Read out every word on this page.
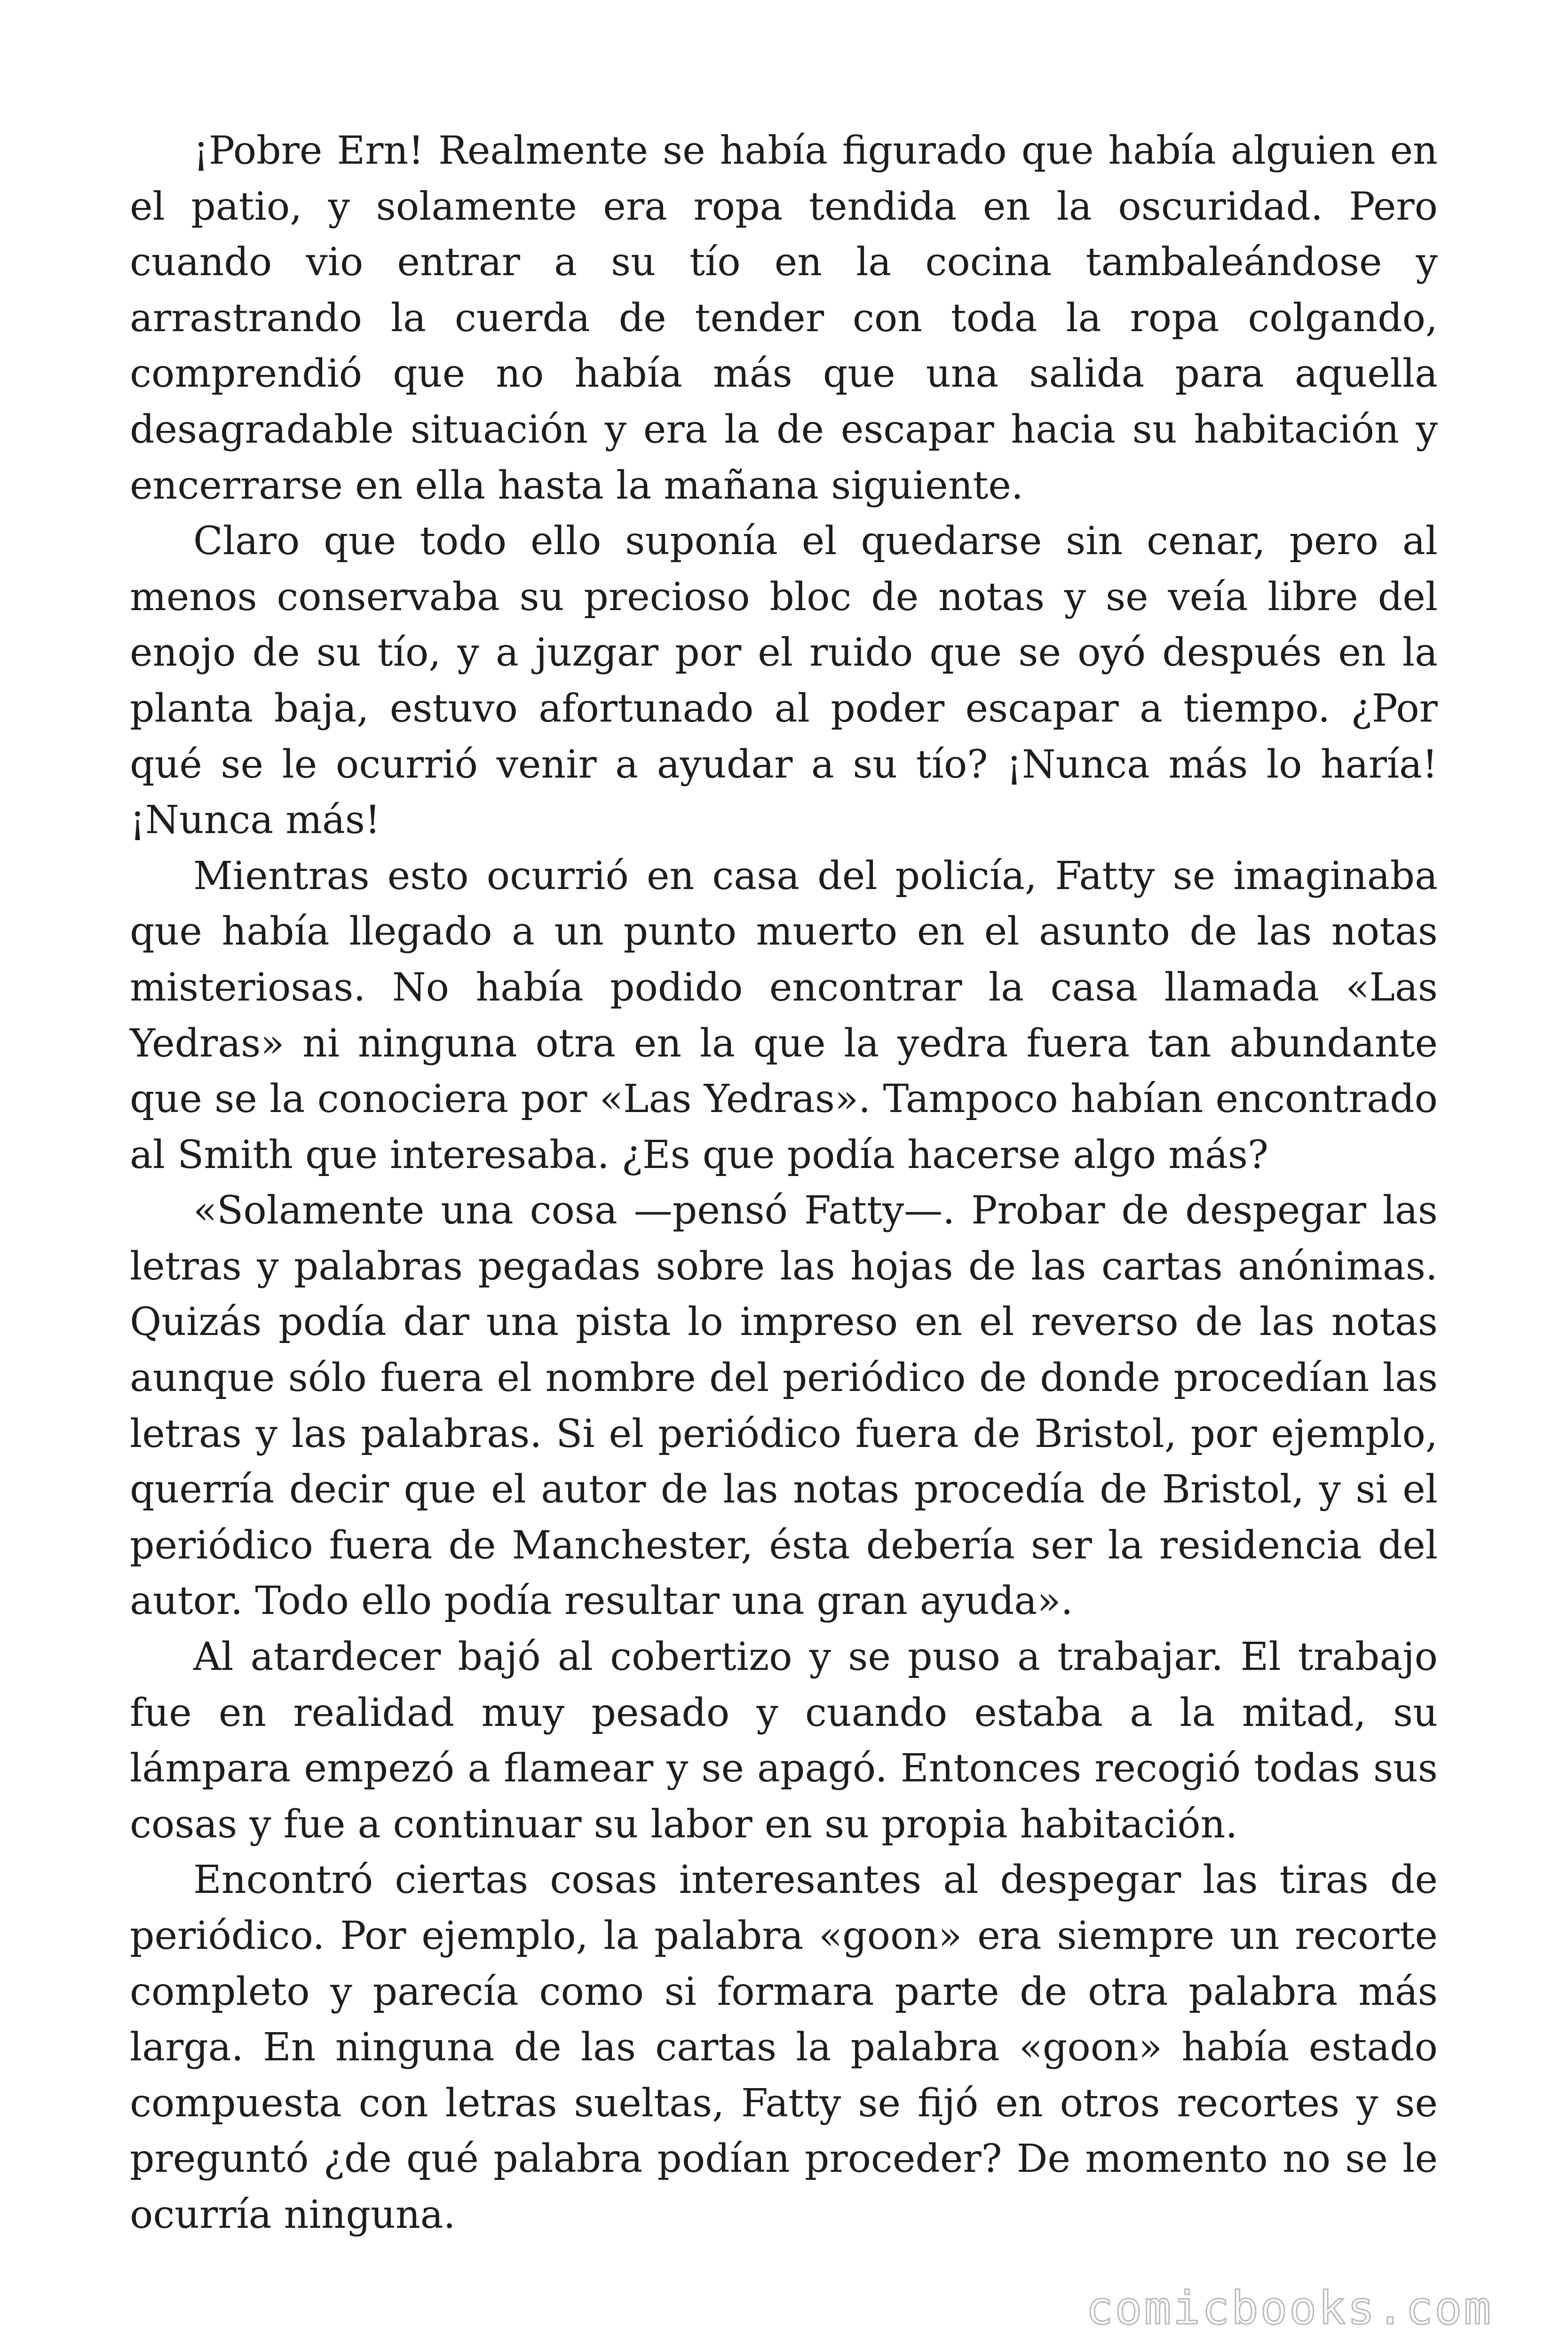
¡Pobre Ern! Realmente se había figurado que había alguien en el patio, y solamente era ropa tendida en la oscuridad. Pero cuando vio entrar a su tío en la cocina tambaleándose y arrastrando la cuerda de tender con toda la ropa colgando, comprendió que no había más que una salida para aquella desagradable situación y era la de escapar hacia su habitación y encerrarse en ella hasta la mañana siguiente.

Claro que todo ello suponía el quedarse sin cenar, pero al menos conservaba su precioso bloc de notas y se veía libre del enojo de su tío, y a juzgar por el ruido que se oyó después en la planta baja, estuvo afortunado al poder escapar a tiempo. ¿Por qué se le ocurrió venir a ayudar a su tío? ¡Nunca más lo haría! ¡Nunca más!

Mientras esto ocurrió en casa del policía, Fatty se imaginaba que había llegado a un punto muerto en el asunto de las notas misteriosas. No había podido encontrar la casa llamada «Las Yedras» ni ninguna otra en la que la yedra fuera tan abundante que se la conociera por «Las Yedras». Tampoco habían encontrado al Smith que interesaba. ¿Es que podía hacerse algo más?

«Solamente una cosa —pensó Fatty—. Probar de despegar las letras y palabras pegadas sobre las hojas de las cartas anónimas. Quizás podía dar una pista lo impreso en el reverso de las notas aunque sólo fuera el nombre del periódico de donde procedían las letras y las palabras. Si el periódico fuera de Bristol, por ejemplo, querría decir que el autor de las notas procedía de Bristol, y si el periódico fuera de Manchester, ésta debería ser la residencia del autor. Todo ello podía resultar una gran ayuda».

Al atardecer bajó al cobertizo y se puso a trabajar. El trabajo fue en realidad muy pesado y cuando estaba a la mitad, su lámpara empezó a flamear y se apagó. Entonces recogió todas sus cosas y fue a continuar su labor en su propia habitación.

Encontró ciertas cosas interesantes al despegar las tiras de periódico. Por ejemplo, la palabra «goon» era siempre un recorte completo y parecía como si formara parte de otra palabra más larga. En ninguna de las cartas la palabra «goon» había estado compuesta con letras sueltas, Fatty se fijó en otros recortes y se preguntó ¿de qué palabra podían proceder? De momento no se le ocurría ninguna.

comicbooks.com
